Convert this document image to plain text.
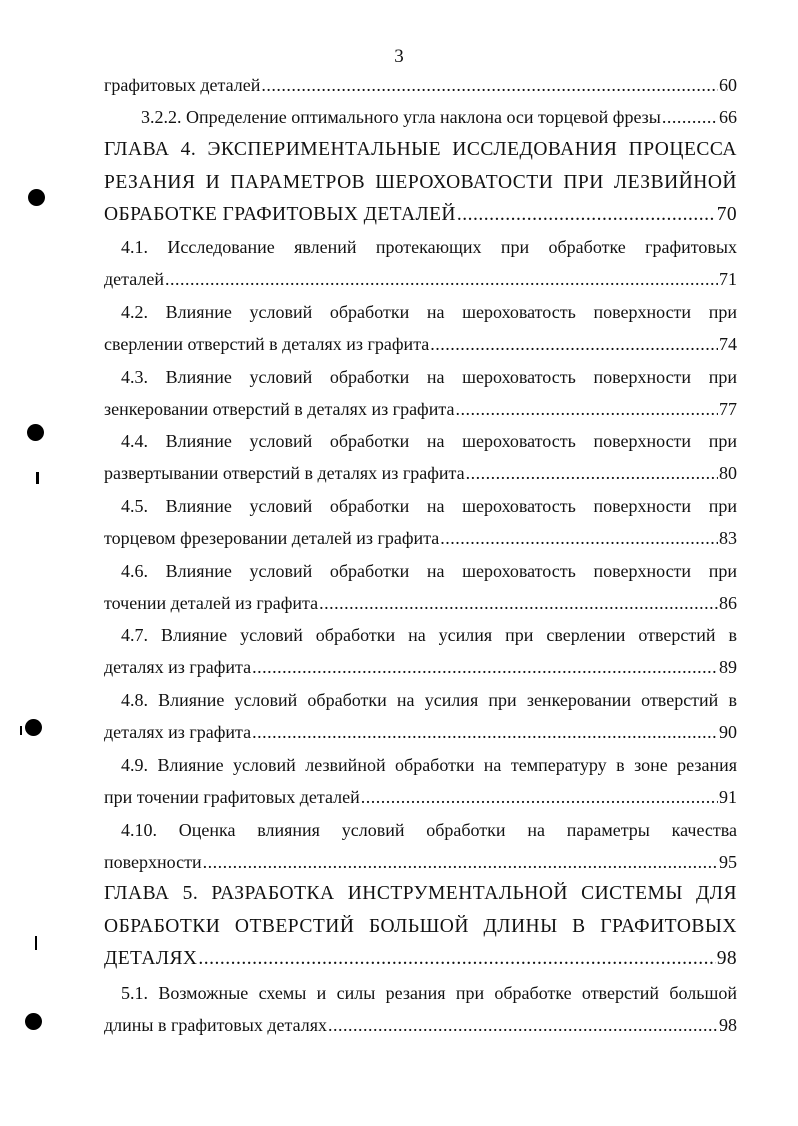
3
графитовых деталей .....	60
3.2.2. Определение оптимального угла наклона оси торцевой фрезы .....	66
ГЛАВА 4. ЭКСПЕРИМЕНТАЛЬНЫЕ ИССЛЕДОВАНИЯ ПРОЦЕССА
РЕЗАНИЯ И ПАРАМЕТРОВ ШЕРОХОВАТОСТИ ПРИ ЛЕЗВИЙНОЙ
ОБРАБОТКЕ ГРАФИТОВЫХ ДЕТАЛЕЙ .....	70
4.1. Исследование явлений протекающих при обработке графитовых
деталей .....	71
4.2. Влияние условий обработки на шероховатость поверхности при
сверлении отверстий в деталях из графита .....	74
4.3. Влияние условий обработки на шероховатость поверхности при
зенкеровании отверстий в деталях из графита .....	77
4.4. Влияние условий обработки на шероховатость поверхности при
развертывании отверстий в деталях из графита .....	80
4.5. Влияние условий обработки на шероховатость поверхности при
торцевом фрезеровании деталей из графита .....	83
4.6. Влияние условий обработки на шероховатость поверхности при
точении деталей из графита .....	86
4.7. Влияние условий обработки на усилия при сверлении отверстий в
деталях из графита .....	89
4.8. Влияние условий обработки на усилия при зенкеровании отверстий в
деталях из графита .....	90
4.9. Влияние условий лезвийной обработки на температуру в зоне резания
при точении графитовых деталей .....	91
4.10. Оценка влияния условий обработки на параметры качества
поверхности .....	95
ГЛАВА 5. РАЗРАБОТКА ИНСТРУМЕНТАЛЬНОЙ СИСТЕМЫ ДЛЯ
ОБРАБОТКИ ОТВЕРСТИЙ БОЛЬШОЙ ДЛИНЫ В ГРАФИТОВЫХ
ДЕТАЛЯХ .....	98
5.1. Возможные схемы и силы резания при обработке отверстий большой
длины в графитовых деталях .....	98
